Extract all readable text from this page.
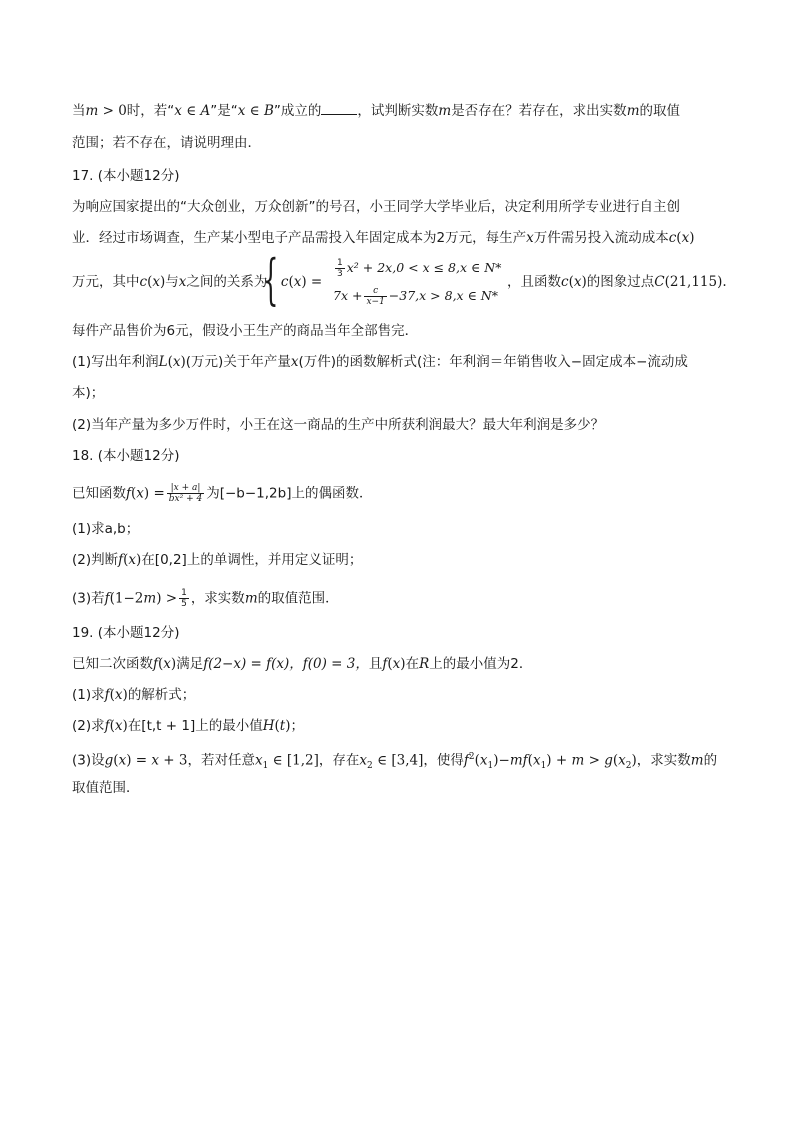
当m > 0时，若“x ∈ A”是“x ∈ B”成立的	，试判断实数m是否存在？若存在，求出实数m的取值
范围；若不存在，请说明理由．
17. (本小题12分)
为响应国家提出的“大众创业，万众创新”的号召，小王同学大学毕业后，决定利用所学专业进行自主创
业．经过市场调查，生产某小型电子产品需投入年固定成本为2万元，每生产x万件需另投入流动成本c(x)
万元，其中c(x)与x之间的关系为：c(x) =
{	$\frac{1}{3} x^2 + 2x,0 < x \le 8,x$ ∈ N*
$7x + \frac{c}{x-1} -37,x > 8,x$ ∈ N*
，且函数c(x)的图象过点C(21,115).
每件产品售价为6元，假设小王生产的商品当年全部售完．
(1)写出年利润L(x)(万元)关于年产量x(万件)的函数解析式(注：年利润＝年销售收入−固定成本−流动成
本)；
(2)当年产量为多少万件时，小王在这一商品的生产中所获利润最大？最大年利润是多少？
18. (本小题12分)
已知函数$f(x) = \frac{|x + a|}{\text{bx² + 4}}$ 为[−b−1,2b]上的偶函数．
(1)求a,b；
(2)判断f(x)在[0,2]上的单调性，并用定义证明；
(3)若$f(1-2m) > \frac{1}{5}$ ，求实数m的取值范围．
19. (本小题12分)
已知二次函数f(x)满足f(2−x) = f(x)，f(0) = 3，且f(x)在R上的最小值为2．
(1)求f(x)的解析式；
(2)求f(x)在[t,t + 1]上的最小值H(t)；
(3)设g(x) = x + 3，若对任意$x_1$ ∈ [1,2]，存在$x_2$ ∈ [3,4]，使得$f^2(x_1)-mf(x_1) + m > g(x_2)$，求实数m的
取值范围．
